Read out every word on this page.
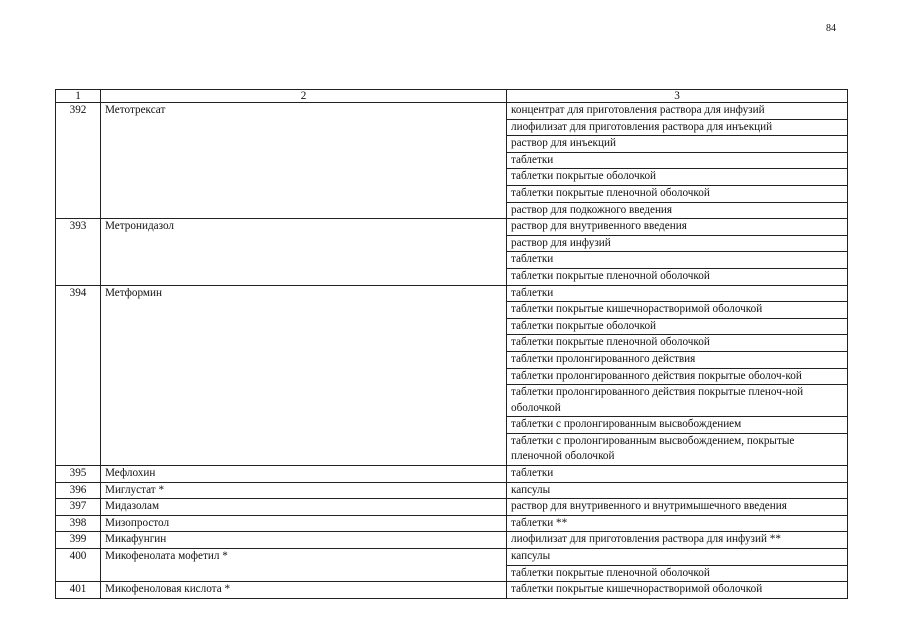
84
1	2	3
392	Метотрексат	концентрат для приготовления раствора для инфузий
		лиофилизат для приготовления раствора для инъекций
		раствор для инъекций
		таблетки
		таблетки покрытые оболочкой
		таблетки покрытые пленочной оболочкой
		раствор для подкожного введения
393	Метронидазол	раствор для внутривенного введения
		раствор для инфузий
		таблетки
		таблетки покрытые пленочной оболочкой
394	Метформин	таблетки
		таблетки покрытые кишечнорастворимой оболочкой
		таблетки покрытые оболочкой
		таблетки покрытые пленочной оболочкой
		таблетки пролонгированного действия
		таблетки пролонгированного действия покрытые оболоч-кой
		таблетки пролонгированного действия покрытые пленоч-ной оболочкой
		таблетки с пролонгированным высвобождением
		таблетки с пролонгированным высвобождением, покрытые пленочной оболочкой
395	Мефлохин	таблетки
396	Миглустат *	капсулы
397	Мидазолам	раствор для внутривенного и внутримышечного введения
398	Мизопростол	таблетки **
399	Микафунгин	лиофилизат для приготовления раствора для инфузий **
400	Микофенолата мофетил *	капсулы
		таблетки покрытые пленочной оболочкой
401	Микофеноловая кислота *	таблетки покрытые кишечнорастворимой оболочкой
